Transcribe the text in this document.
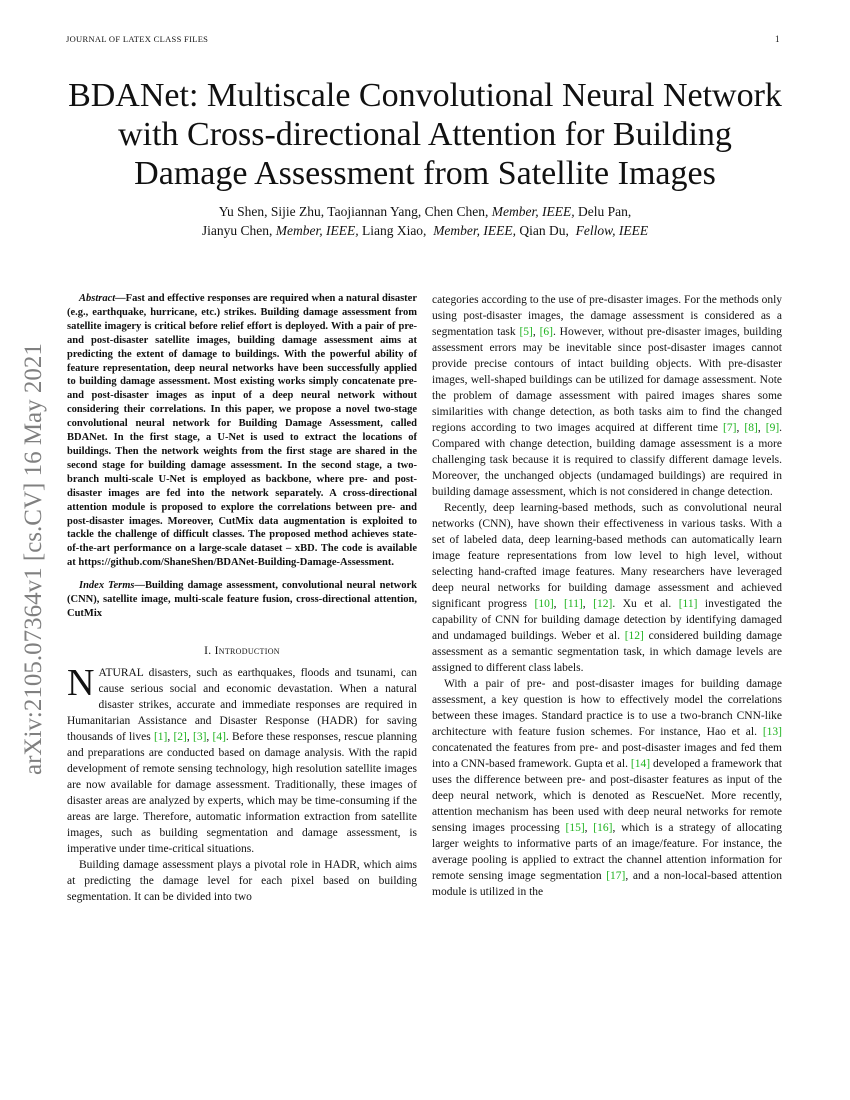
JOURNAL OF LATEX CLASS FILES	1
arXiv:2105.07364v1 [cs.CV] 16 May 2021
BDANet: Multiscale Convolutional Neural Network with Cross-directional Attention for Building Damage Assessment from Satellite Images
Yu Shen, Sijie Zhu, Taojiannan Yang, Chen Chen, Member, IEEE, Delu Pan,
Jianyu Chen, Member, IEEE, Liang Xiao,  Member, IEEE, Qian Du,  Fellow, IEEE

Abstract—Fast and effective responses are required when a natural disaster (e.g., earthquake, hurricane, etc.) strikes. Building damage assessment from satellite imagery is critical before relief effort is deployed. With a pair of pre- and post-disaster satellite images, building damage assessment aims at predicting the extent of damage to buildings. With the powerful ability of feature representation, deep neural networks have been successfully applied to building damage assessment. Most existing works simply concatenate pre- and post-disaster images as input of a deep neural network without considering their correlations. In this paper, we propose a novel two-stage convolutional neural network for Building Damage Assessment, called BDANet. In the first stage, a U-Net is used to extract the locations of buildings. Then the network weights from the first stage are shared in the second stage for building damage assessment. In the second stage, a two-branch multi-scale U-Net is employed as backbone, where pre- and post-disaster images are fed into the network separately. A cross-directional attention module is proposed to explore the correlations between pre- and post-disaster images. Moreover, CutMix data augmentation is exploited to tackle the challenge of difficult classes. The proposed method achieves state-of-the-art performance on a large-scale dataset – xBD. The code is available at https://github.com/ShaneShen/BDANet-Building-Damage-Assessment.

Index Terms—Building damage assessment, convolutional neural network (CNN), satellite image, multi-scale feature fusion, cross-directional attention, CutMix

I. Introduction

NATURAL disasters, such as earthquakes, floods and tsunami, can cause serious social and economic devastation. When a natural disaster strikes, accurate and immediate responses are required in Humanitarian Assistance and Disaster Response (HADR) for saving thousands of lives [1], [2], [3], [4]. Before these responses, rescue planning and preparations are conducted based on damage analysis. With the rapid development of remote sensing technology, high resolution satellite images are now available for damage assessment. Traditionally, these images of disaster areas are analyzed by experts, which may be time-consuming if the areas are large. Therefore, automatic information extraction from satellite images, such as building segmentation and damage assessment, is imperative under time-critical situations.

Building damage assessment plays a pivotal role in HADR, which aims at predicting the damage level for each pixel based on building segmentation. It can be divided into two

categories according to the use of pre-disaster images. For the methods only using post-disaster images, the damage assessment is considered as a segmentation task [5], [6]. However, without pre-disaster images, building assessment errors may be inevitable since post-disaster images cannot provide precise contours of intact building objects. With pre-disaster images, well-shaped buildings can be utilized for damage assessment. Note the problem of damage assessment with paired images shares some similarities with change detection, as both tasks aim to find the changed regions according to two images acquired at different time [7], [8], [9]. Compared with change detection, building damage assessment is a more challenging task because it is required to classify different damage levels. Moreover, the unchanged objects (undamaged buildings) are required in building damage assessment, which is not considered in change detection.

Recently, deep learning-based methods, such as convolutional neural networks (CNN), have shown their effectiveness in various tasks. With a set of labeled data, deep learning-based methods can automatically learn image feature representations from low level to high level, without selecting hand-crafted image features. Many researchers have leveraged deep neural networks for building damage assessment and achieved significant progress [10], [11], [12]. Xu et al. [11] investigated the capability of CNN for building damage detection by identifying damaged and undamaged buildings. Weber et al. [12] considered building damage assessment as a semantic segmentation task, in which damage levels are assigned to different class labels.

With a pair of pre- and post-disaster images for building damage assessment, a key question is how to effectively model the correlations between these images. Standard practice is to use a two-branch CNN-like architecture with feature fusion schemes. For instance, Hao et al. [13] concatenated the features from pre- and post-disaster images and fed them into a CNN-based framework. Gupta et al. [14] developed a framework that uses the difference between pre- and post-disaster features as input of the deep neural network, which is denoted as RescueNet. More recently, attention mechanism has been used with deep neural networks for remote sensing images processing [15], [16], which is a strategy of allocating larger weights to informative parts of an image/feature. For instance, the average pooling is applied to extract the channel attention information for remote sensing image segmentation [17], and a non-local-based attention module is utilized in the
